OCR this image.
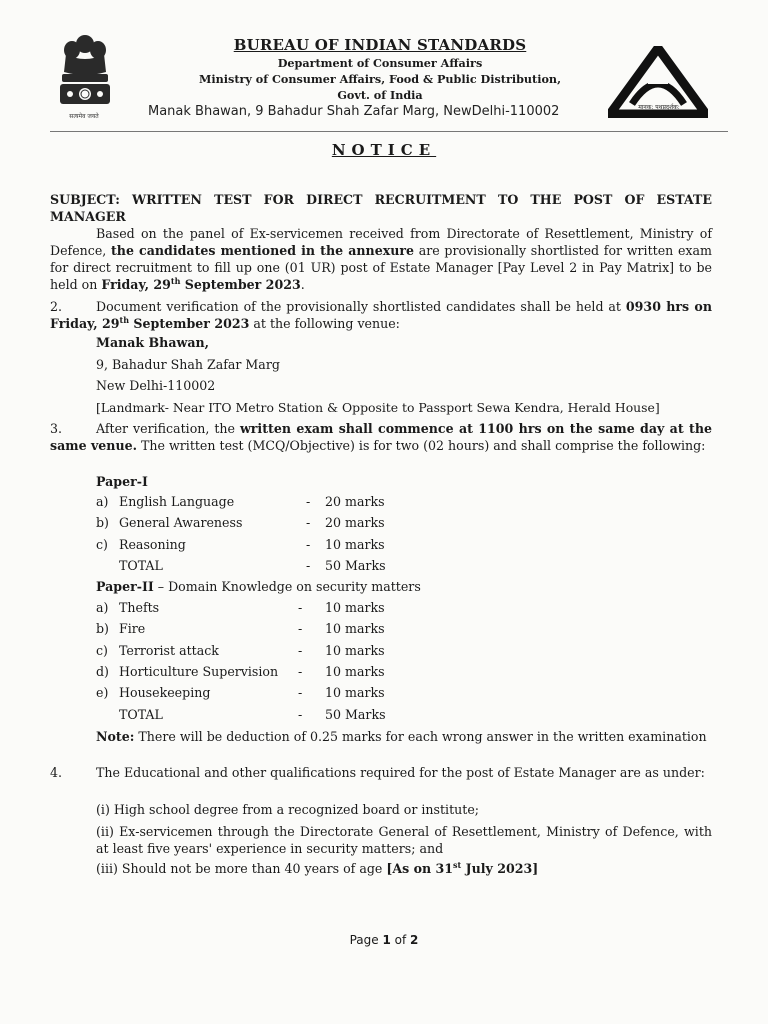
सत्यमेव जयते
BUREAU OF INDIAN STANDARDS
Department of Consumer Affairs
Ministry of Consumer Affairs, Food & Public Distribution,
Govt. of India
Manak Bhawan, 9 Bahadur Shah Zafar Marg, NewDelhi-110002	मानक: पथप्रदर्शक:
NOTICE
SUBJECT: WRITTEN TEST FOR DIRECT RECRUITMENT TO THE POST OF ESTATE MANAGER
Based on the panel of Ex-servicemen received from Directorate of Resettlement, Ministry of Defence, the candidates mentioned in the annexure are provisionally shortlisted for written exam for direct recruitment to fill up one (01 UR) post of Estate Manager [Pay Level 2 in Pay Matrix] to be held on Friday, 29th September 2023.
2.	Document verification of the provisionally shortlisted candidates shall be held at 0930 hrs on Friday, 29th September 2023 at the following venue:
Manak Bhawan,
9, Bahadur Shah Zafar Marg
New Delhi-110002
[Landmark- Near ITO Metro Station & Opposite to Passport Sewa Kendra, Herald House]
3.	After verification, the written exam shall commence at 1100 hrs on the same day at the same venue. The written test (MCQ/Objective) is for two (02 hours) and shall comprise the following:
Paper-I
a) English Language	- 20 marks
b) General Awareness	- 20 marks
c) Reasoning	- 10 marks
TOTAL	- 50 Marks
Paper-II – Domain Knowledge on security matters
a) Thefts	- 10 marks
b) Fire	- 10 marks
c) Terrorist attack	- 10 marks
d) Horticulture Supervision - 10 marks
e) Housekeeping	- 10 marks
TOTAL	- 50 Marks
Note: There will be deduction of 0.25 marks for each wrong answer in the written examination
4.	The Educational and other qualifications required for the post of Estate Manager are as under:
(i) High school degree from a recognized board or institute;
(ii) Ex-servicemen through the Directorate General of Resettlement, Ministry of Defence, with at least five years' experience in security matters; and
(iii) Should not be more than 40 years of age [As on 31st July 2023]
Page 1 of 2
